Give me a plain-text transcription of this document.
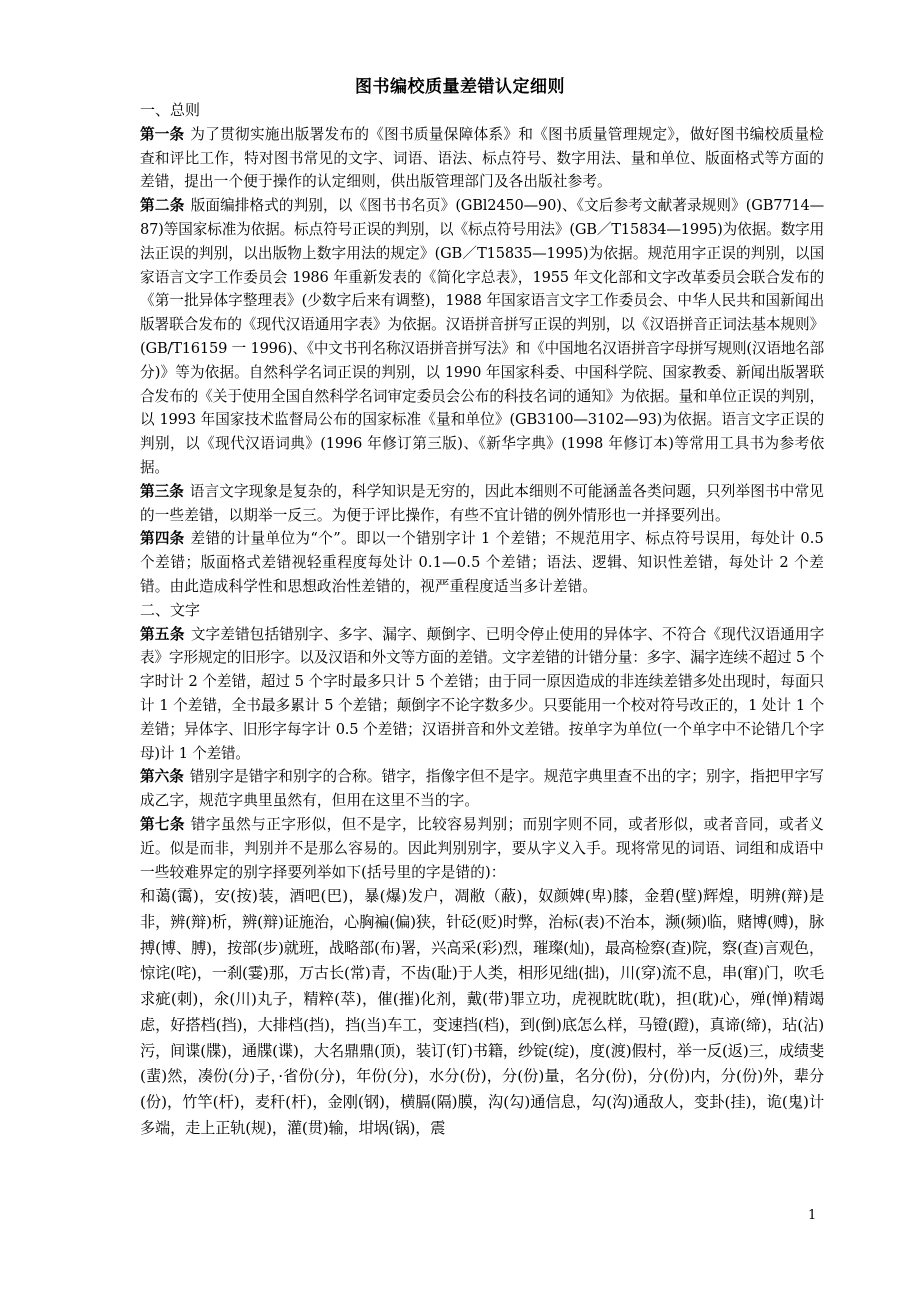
图书编校质量差错认定细则
一、总则
第一条 为了贯彻实施出版署发布的《图书质量保障体系》和《图书质量管理规定》，做好图书编校质量检查和评比工作，特对图书常见的文字、词语、语法、标点符号、数字用法、量和单位、版面格式等方面的差错，提出一个便于操作的认定细则，供出版管理部门及各出版社参考。
第二条 版面编排格式的判别，以《图书书名页》(GBl2450—90)、《文后参考文献著录规则》(GB7714—87)等国家标准为依据。标点符号正误的判别，以《标点符号用法》(GB／T15834—1995)为依据。数字用法正误的判别，以出版物上数字用法的规定》(GB／T15835—1995)为依据。规范用字正误的判别，以国家语言文字工作委员会 1986 年重新发表的《简化字总表》，1955 年文化部和文字改革委员会联合发布的《第一批异体字整理表》(少数字后来有调整)，1988 年国家语言文字工作委员会、中华人民共和国新闻出版署联合发布的《现代汉语通用字表》为依据。汉语拼音拼写正误的判别，以《汉语拼音正词法基本规则》(GB/T16159 一 1996)、《中文书刊名称汉语拼音拼写法》和《中国地名汉语拼音字母拼写规则(汉语地名部分)》等为依据。自然科学名词正误的判别，以 1990 年国家科委、中国科学院、国家教委、新闻出版署联合发布的《关于使用全国自然科学名词审定委员会公布的科技名词的通知》为依据。量和单位正误的判别，以 1993 年国家技术监督局公布的国家标准《量和单位》(GB3100—3102—93)为依据。语言文字正误的判别，以《现代汉语词典》(1996 年修订第三版)、《新华字典》(1998 年修订本)等常用工具书为参考依据。
第三条 语言文字现象是复杂的，科学知识是无穷的，因此本细则不可能涵盖各类问题，只列举图书中常见的一些差错，以期举一反三。为便于评比操作，有些不宜计错的例外情形也一并择要列出。
第四条 差错的计量单位为“个”。即以一个错别字计 1 个差错；不规范用字、标点符号误用，每处计 0.5 个差错；版面格式差错视轻重程度每处计 0.1—0.5 个差错；语法、逻辑、知识性差错，每处计 2 个差错。由此造成科学性和思想政治性差错的，视严重程度适当多计差错。
二、文字
第五条 文字差错包括错别字、多字、漏字、颠倒字、已明令停止使用的异体字、不符合《现代汉语通用字表》字形规定的旧形字。以及汉语和外文等方面的差错。文字差错的计错分量：多字、漏字连续不超过 5 个字时计 2 个差错，超过 5 个字时最多只计 5 个差错；由于同一原因造成的非连续差错多处出现时，每面只计 1 个差错，全书最多累计 5 个差错；颠倒字不论字数多少。只要能用一个校对符号改正的，1 处计 1 个差错；异体字、旧形字每字计 0.5 个差错；汉语拼音和外文差错。按单字为单位(一个单字中不论错几个字母)计 1 个差错。
第六条 错别字是错字和别字的合称。错字，指像字但不是字。规范字典里查不出的字；别字，指把甲字写成乙字，规范字典里虽然有，但用在这里不当的字。
第七条 错字虽然与正字形似，但不是字，比较容易判别；而别字则不同，或者形似，或者音同，或者义近。似是而非，判别并不是那么容易的。因此判别别字，要从字义入手。现将常见的词语、词组和成语中一些较难界定的别字择要列举如下(括号里的字是错的)：
和蔼(霭)，安(按)装，酒吧(巴)，暴(爆)发户，凋敝（蔽)，奴颜婢(卑)膝，金碧(壁)辉煌，明辨(辩)是非，辨(辩)析，辨(辩)证施治，心胸褊(偏)狭，针砭(贬)时弊，治标(表)不治本，濒(频)临，赌博(赙)，脉搏(博、膊)，按部(步)就班，战略部(布)署，兴高采(彩)烈，璀璨(灿)，最高检察(查)院，察(查)言观色，惊诧(咤)，一刹(霎)那，万古长(常)青，不齿(耻)于人类，相形见绌(拙)，川(穿)流不息，串(窜)门，吹毛求疵(刺)，氽(川)丸子，精粹(萃)，催(摧)化剂，戴(带)罪立功，虎视眈眈(耽)，担(耽)心，殚(惮)精竭虑，好搭档(挡)，大排档(挡)，挡(当)车工，变速挡(档)，到(倒)底怎么样，马镫(蹬)，真谛(缔)，玷(沾)污，间谍(牒)，通牒(谍)，大名鼎鼎(顶)，装订(钉)书籍，纱锭(绽)，度(渡)假村，举一反(返)三，成绩斐(蜚)然，凑份(分)子，·省份(分)，年份(分)，水分(份)，分(份)量，名分(份)，分(份)内，分(份)外，辈分(份)，竹竿(杆)，麦秆(杆)，金刚(钢)，横膈(隔)膜，沟(勾)通信息，勾(沟)通敌人，变卦(挂)，诡(鬼)计多端，走上正轨(规)，灌(贯)输，坩埚(锅)，震
1
